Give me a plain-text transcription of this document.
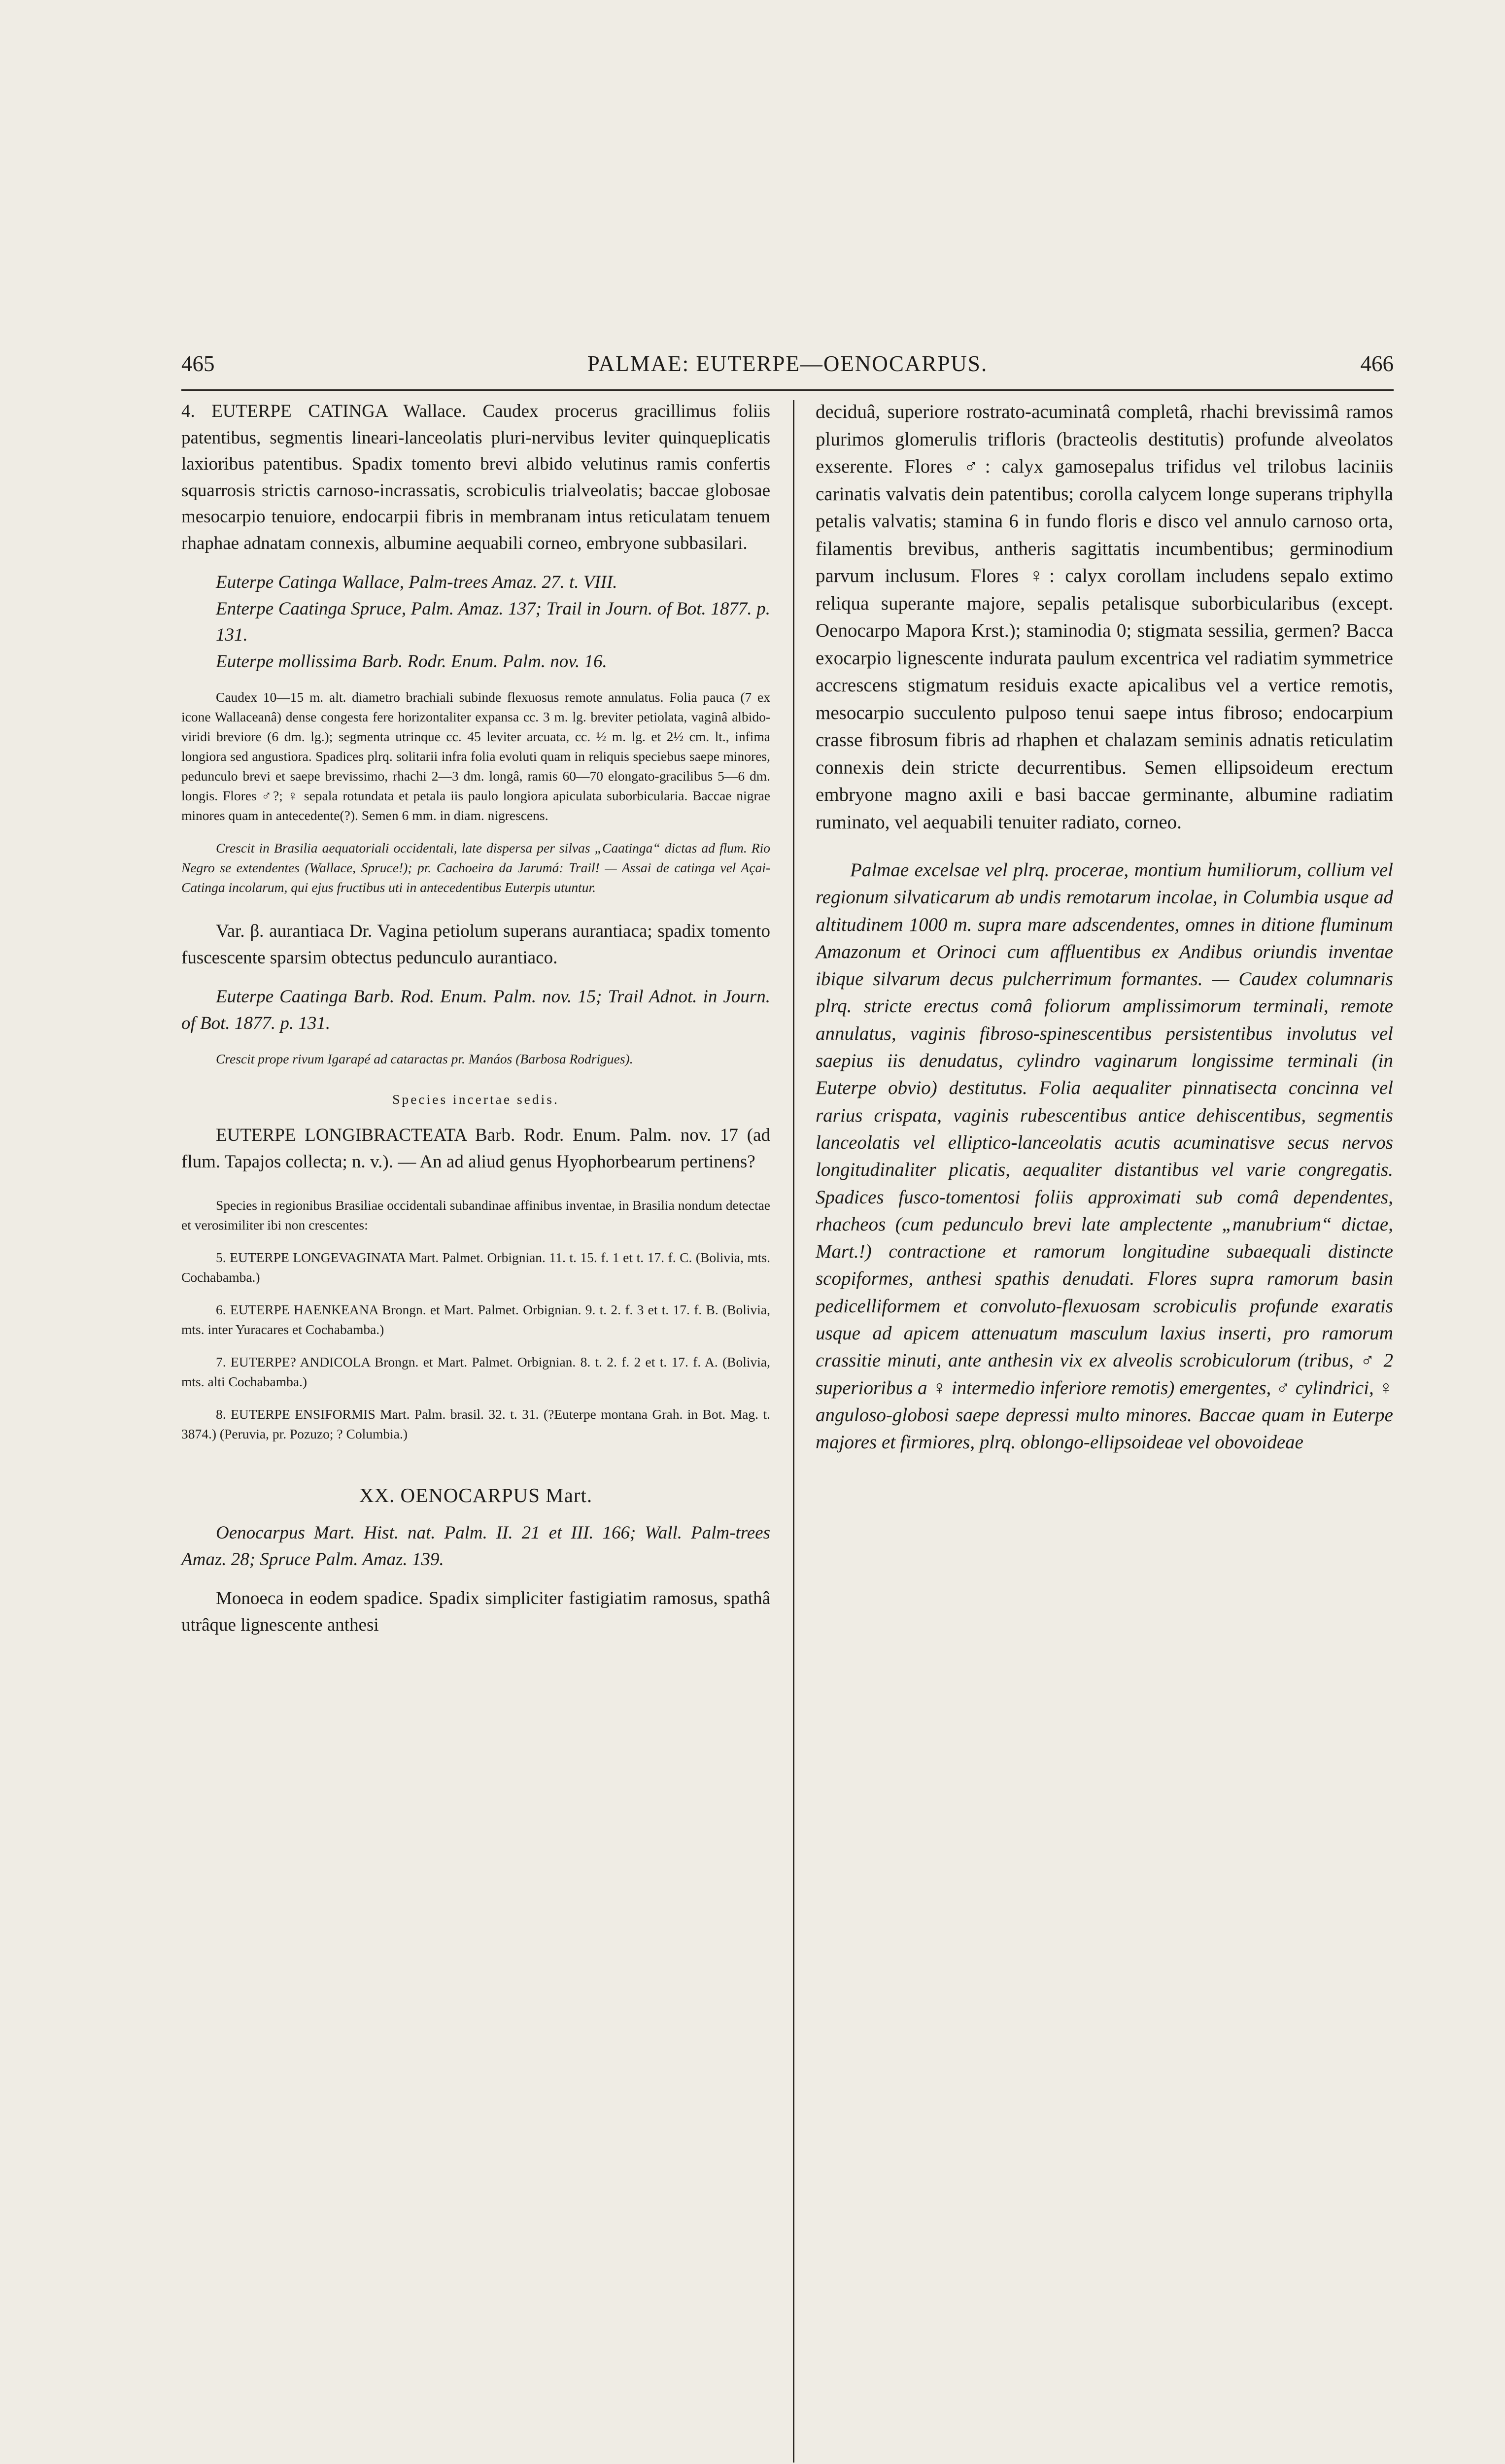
465	PALMAE: EUTERPE—OENOCARPUS.	466

4. EUTERPE CATINGA Wallace. Caudex procerus gracillimus foliis patentibus, segmentis lineari-lanceolatis pluri-nervibus leviter quinqueplicatis laxioribus patentibus. Spadix tomento brevi albido velutinus ramis confertis squarrosis strictis carnoso-incrassatis, scrobiculis trialveolatis; baccae globosae mesocarpio tenuiore, endocarpii fibris in membranam intus reticulatam tenuem rhaphae adnatam connexis, albumine aequabili corneo, embryone subbasilari.

Euterpe Catinga Wallace, Palm-trees Amaz. 27. t. VIII.

Enterpe Caatinga Spruce, Palm. Amaz. 137; Trail in Journ. of Bot. 1877. p. 131.

Euterpe mollissima Barb. Rodr. Enum. Palm. nov. 16.

Caudex 10—15 m. alt. diametro brachiali subinde flexuosus remote annulatus. Folia pauca (7 ex icone Wallaceanâ) dense congesta fere horizontaliter expansa cc. 3 m. lg. breviter petiolata, vaginâ albido-viridi breviore (6 dm. lg.); segmenta utrinque cc. 45 leviter arcuata, cc. ½ m. lg. et 2½ cm. lt., infima longiora sed angustiora. Spadices plrq. solitarii infra folia evoluti quam in reliquis speciebus saepe minores, pedunculo brevi et saepe brevissimo, rhachi 2—3 dm. longâ, ramis 60—70 elongato-gracilibus 5—6 dm. longis. Flores ♂?; ♀ sepala rotundata et petala iis paulo longiora apiculata suborbicularia. Baccae nigrae minores quam in antecedente(?). Semen 6 mm. in diam. nigrescens.

Crescit in Brasilia aequatoriali occidentali, late dispersa per silvas „Caatinga“ dictas ad flum. Rio Negro se extendentes (Wallace, Spruce!); pr. Cachoeira da Jarumá: Trail! — Assai de catinga vel Açai-Catinga incolarum, qui ejus fructibus uti in antecedentibus Euterpis utuntur.

Var. β. aurantiaca Dr. Vagina petiolum superans aurantiaca; spadix tomento fuscescente sparsim obtectus pedunculo aurantiaco.

Euterpe Caatinga Barb. Rod. Enum. Palm. nov. 15; Trail Adnot. in Journ. of Bot. 1877. p. 131.

Crescit prope rivum Igarapé ad cataractas pr. Manáos (Barbosa Rodrigues).

Species incertae sedis.

EUTERPE LONGIBRACTEATA Barb. Rodr. Enum. Palm. nov. 17 (ad flum. Tapajos collecta; n. v.). — An ad aliud genus Hyophorbearum pertinens?

Species in regionibus Brasiliae occidentali subandinae affinibus inventae, in Brasilia nondum detectae et verosimiliter ibi non crescentes:

5. EUTERPE LONGEVAGINATA Mart. Palmet. Orbignian. 11. t. 15. f. 1 et t. 17. f. C. (Bolivia, mts. Cochabamba.)

6. EUTERPE HAENKEANA Brongn. et Mart. Palmet. Orbignian. 9. t. 2. f. 3 et t. 17. f. B. (Bolivia, mts. inter Yuracares et Cochabamba.)

7. EUTERPE? ANDICOLA Brongn. et Mart. Palmet. Orbignian. 8. t. 2. f. 2 et t. 17. f. A. (Bolivia, mts. alti Cochabamba.)

8. EUTERPE ENSIFORMIS Mart. Palm. brasil. 32. t. 31. (?Euterpe montana Grah. in Bot. Mag. t. 3874.) (Peruvia, pr. Pozuzo; ? Columbia.)

XX. OENOCARPUS Mart.

Oenocarpus Mart. Hist. nat. Palm. II. 21 et III. 166; Wall. Palm-trees Amaz. 28; Spruce Palm. Amaz. 139.

Monoeca in eodem spadice. Spadix simpliciter fastigiatim ramosus, spathâ utrâque lignescente anthesi

deciduâ, superiore rostrato-acuminatâ completâ, rhachi brevissimâ ramos plurimos glomerulis trifloris (bracteolis destitutis) profunde alveolatos exserente. Flores ♂: calyx gamosepalus trifidus vel trilobus laciniis carinatis valvatis dein patentibus; corolla calycem longe superans triphylla petalis valvatis; stamina 6 in fundo floris e disco vel annulo carnoso orta, filamentis brevibus, antheris sagittatis incumbentibus; germinodium parvum inclusum. Flores ♀: calyx corollam includens sepalo extimo reliqua superante majore, sepalis petalisque suborbicularibus (except. Oenocarpo Mapora Krst.); staminodia 0; stigmata sessilia, germen? Bacca exocarpio lignescente indurata paulum excentrica vel radiatim symmetrice accrescens stigmatum residuis exacte apicalibus vel a vertice remotis, mesocarpio succulento pulposo tenui saepe intus fibroso; endocarpium crasse fibrosum fibris ad rhaphen et chalazam seminis adnatis reticulatim connexis dein stricte decurrentibus. Semen ellipsoideum erectum embryone magno axili e basi baccae germinante, albumine radiatim ruminato, vel aequabili tenuiter radiato, corneo.

Palmae excelsae vel plrq. procerae, montium humiliorum, collium vel regionum silvaticarum ab undis remotarum incolae, in Columbia usque ad altitudinem 1000 m. supra mare adscendentes, omnes in ditione fluminum Amazonum et Orinoci cum affluentibus ex Andibus oriundis inventae ibique silvarum decus pulcherrimum formantes. — Caudex columnaris plrq. stricte erectus comâ foliorum amplissimorum terminali, remote annulatus, vaginis fibroso-spinescentibus persistentibus involutus vel saepius iis denudatus, cylindro vaginarum longissime terminali (in Euterpe obvio) destitutus. Folia aequaliter pinnatisecta concinna vel rarius crispata, vaginis rubescentibus antice dehiscentibus, segmentis lanceolatis vel elliptico-lanceolatis acutis acuminatisve secus nervos longitudinaliter plicatis, aequaliter distantibus vel varie congregatis. Spadices fusco-tomentosi foliis approximati sub comâ dependentes, rhacheos (cum pedunculo brevi late amplectente „manubrium“ dictae, Mart.!) contractione et ramorum longitudine subaequali distincte scopiformes, anthesi spathis denudati. Flores supra ramorum basin pedicelliformem et convoluto-flexuosam scrobiculis profunde exaratis usque ad apicem attenuatum masculum laxius inserti, pro ramorum crassitie minuti, ante anthesin vix ex alveolis scrobiculorum (tribus, ♂ 2 superioribus a ♀ intermedio inferiore remotis) emergentes, ♂ cylindrici, ♀ anguloso-globosi saepe depressi multo minores. Baccae quam in Euterpe majores et firmiores, plrq. oblongo-ellipsoideae vel obovoideae
